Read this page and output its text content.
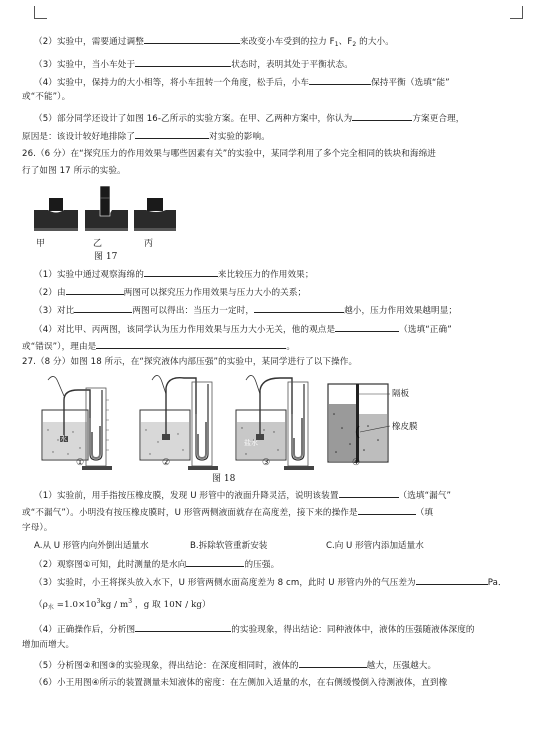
（2）实验中，需要通过调整	来改变小车受到的拉力 $F_1$、$F_2$ 的大小。
（3）实验中，当小车处于	状态时，表明其处于平衡状态。
（4）实验中，保持力的大小相等，将小车扭转一个角度，松手后，小车	保持平衡（选填“能”
或“不能”）。
（5）部分同学还设计了如图 16-乙所示的实验方案。在甲、乙两种方案中，你认为	方案更合理，
原因是：该设计较好地排除了	对实验的影响。
26.（6 分）在“探究压力的作用效果与哪些因素有关”的实验中，某同学利用了多个完全相同的铁块和海绵进
行了如图 17 所示的实验。
甲	乙	丙
图 17
（1）实验中通过观察海绵的	来比较压力的作用效果；
（2）由	两图可以探究压力作用效果与压力大小的关系；
（3）对比	两图可以得出：当压力一定时，	越小，压力作用效果越明显；
（4）对比甲、丙两图，该同学认为压力作用效果与压力大小无关，他的观点是	（选填“正确”
或“错误”），理由是	。
27.（8 分）如图 18 所示，在“探究液体内部压强”的实验中，某同学进行了以下操作。
水	盐水
隔板
橡皮膜
①	②	③	④
图 18
（1）实验前，用手指按压橡皮膜，发现 U 形管中的液面升降灵活，说明该装置	（选填“漏气”
或“不漏气”）。小明没有按压橡皮膜时，U 形管两侧液面就存在高度差，接下来的操作是	（填
字母）。
A.从 U 形管内向外倒出适量水	B.拆除软管重新安装	C.向 U 形管内添加适量水
（2）观察图①可知，此时测量的是水向	的压强。
（3）实验时，小王将探头放入水下，U 形管两侧水面高度差为 8 cm，此时 U 形管内外的气压差为	Pa．
（$\rho_水 =1.0\times 10^3kg / m^3$ ，g 取 10N / kg）
（4）正确操作后，分析图	的实验现象，得出结论：同种液体中，液体的压强随液体深度的
增加而增大。
（5）分析图②和图③的实验现象，得出结论：在深度相同时，液体的	越大，压强越大。
（6）小王用图④所示的装置测量未知液体的密度：在左侧加入适量的水，在右侧缓慢倒入待测液体，直到橡
